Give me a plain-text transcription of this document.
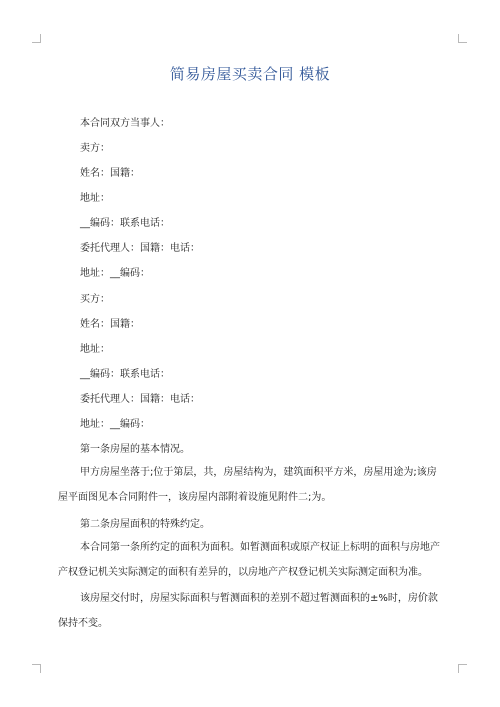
简易房屋买卖合同 模板
本合同双方当事人：
卖方：
姓名：国籍：
地址：
__编码：联系电话：
委托代理人：国籍：电话：
地址：__编码：
买方：
姓名：国籍：
地址：
__编码：联系电话：
委托代理人：国籍：电话：
地址：__编码：
第一条房屋的基本情况。
甲方房屋坐落于;位于第层，共，房屋结构为，建筑面积平方米，房屋用途为;该房屋平面图见本合同附件一，该房屋内部附着设施见附件二;为。
第二条房屋面积的特殊约定。
本合同第一条所约定的面积为面积。如暂测面积或原产权证上标明的面积与房地产产权登记机关实际测定的面积有差异的，以房地产产权登记机关实际测定面积为准。
该房屋交付时，房屋实际面积与暂测面积的差别不超过暂测面积的±%时，房价款保持不变。
